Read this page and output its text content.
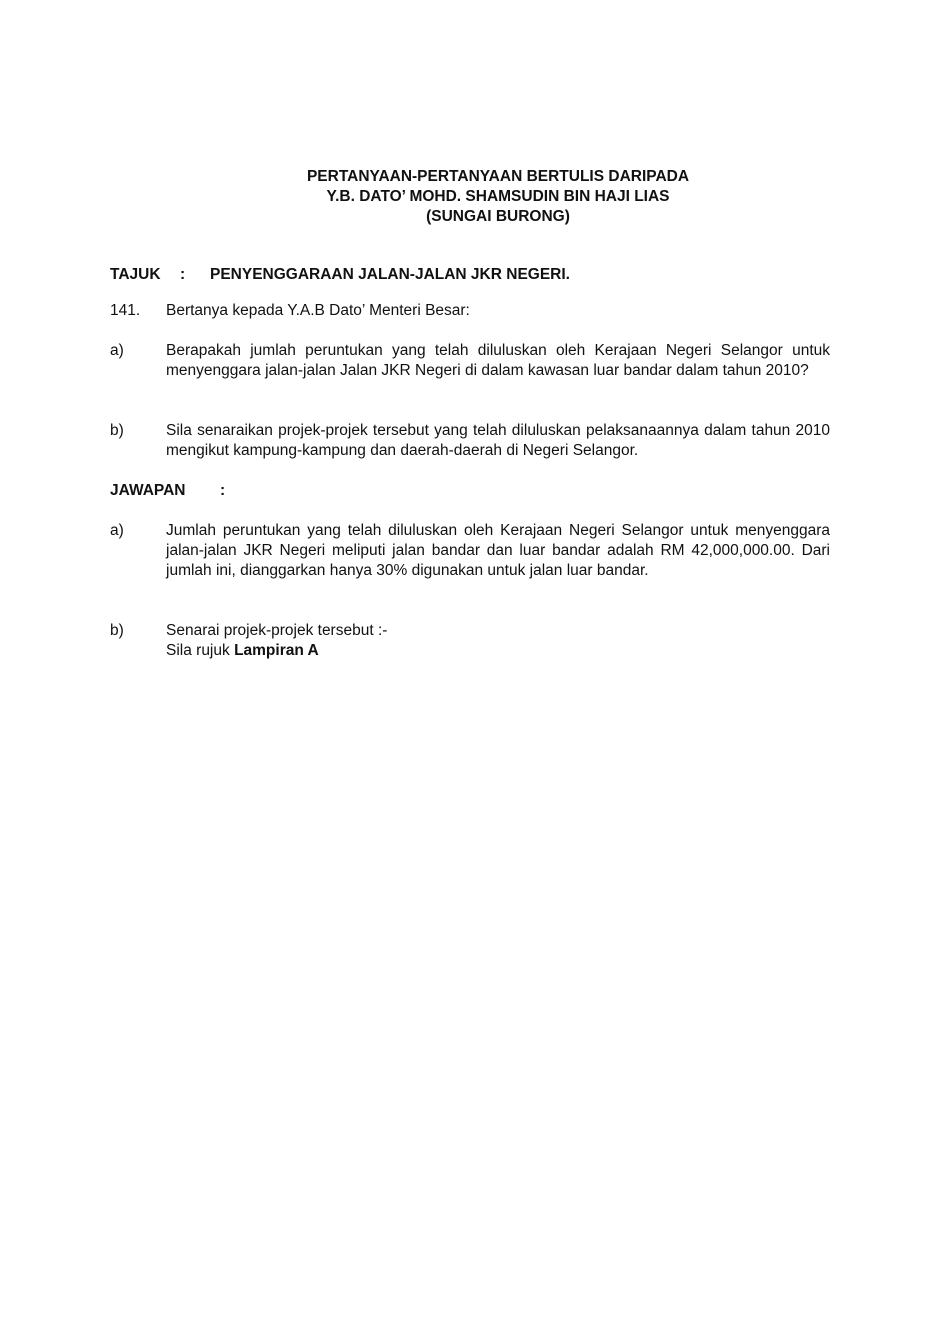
PERTANYAAN-PERTANYAAN BERTULIS DARIPADA
Y.B. DATO’ MOHD. SHAMSUDIN BIN HAJI LIAS
(SUNGAI BURONG)
TAJUK : PENYENGGARAAN JALAN-JALAN JKR NEGERI.
141. Bertanya kepada Y.A.B Dato’ Menteri Besar:
a)	Berapakah jumlah peruntukan yang telah diluluskan oleh Kerajaan Negeri Selangor untuk menyenggara jalan-jalan Jalan JKR Negeri di dalam kawasan luar bandar dalam tahun 2010?
b)	Sila senaraikan projek-projek tersebut yang telah diluluskan pelaksanaannya dalam tahun 2010 mengikut kampung-kampung dan daerah-daerah di Negeri Selangor.
JAWAPAN :
a)	Jumlah peruntukan yang telah diluluskan oleh Kerajaan Negeri Selangor untuk menyenggara jalan-jalan JKR Negeri meliputi jalan bandar dan luar bandar adalah RM 42,000,000.00. Dari jumlah ini, dianggarkan hanya 30% digunakan untuk jalan luar bandar.
b)	Senarai projek-projek tersebut :-
Sila rujuk Lampiran A
